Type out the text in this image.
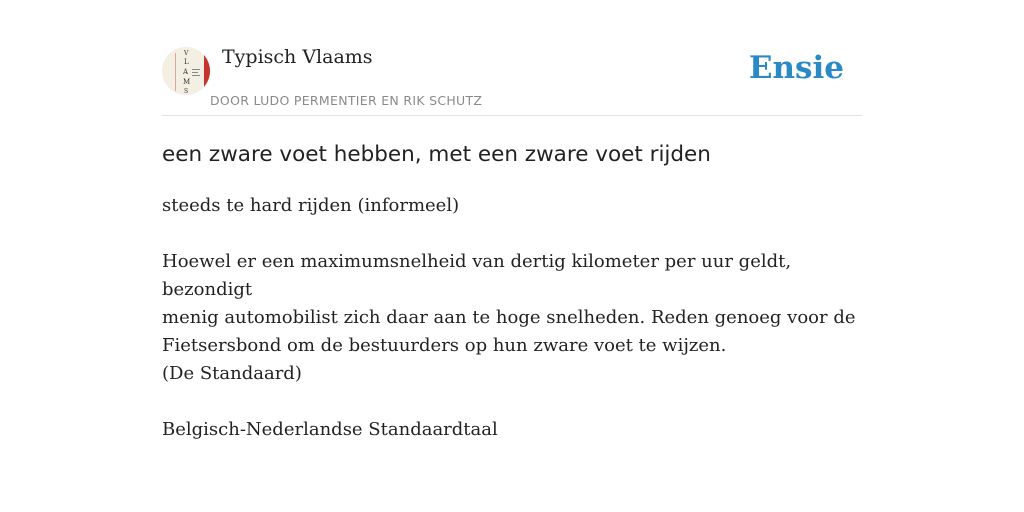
V
L
A
M
S
Typisch Vlaams
DOOR LUDO PERMENTIER EN RIK SCHUTZ
Ensie
een zware voet hebben, met een zware voet rijden

steeds te hard rijden (informeel)

Hoewel er een maximumsnelheid van dertig kilometer per uur geldt, bezondigt

menig automobilist zich daar aan te hoge snelheden. Reden genoeg voor de

Fietsersbond om de bestuurders op hun zware voet te wijzen.

(De Standaard)

Belgisch-Nederlandse Standaardtaal
